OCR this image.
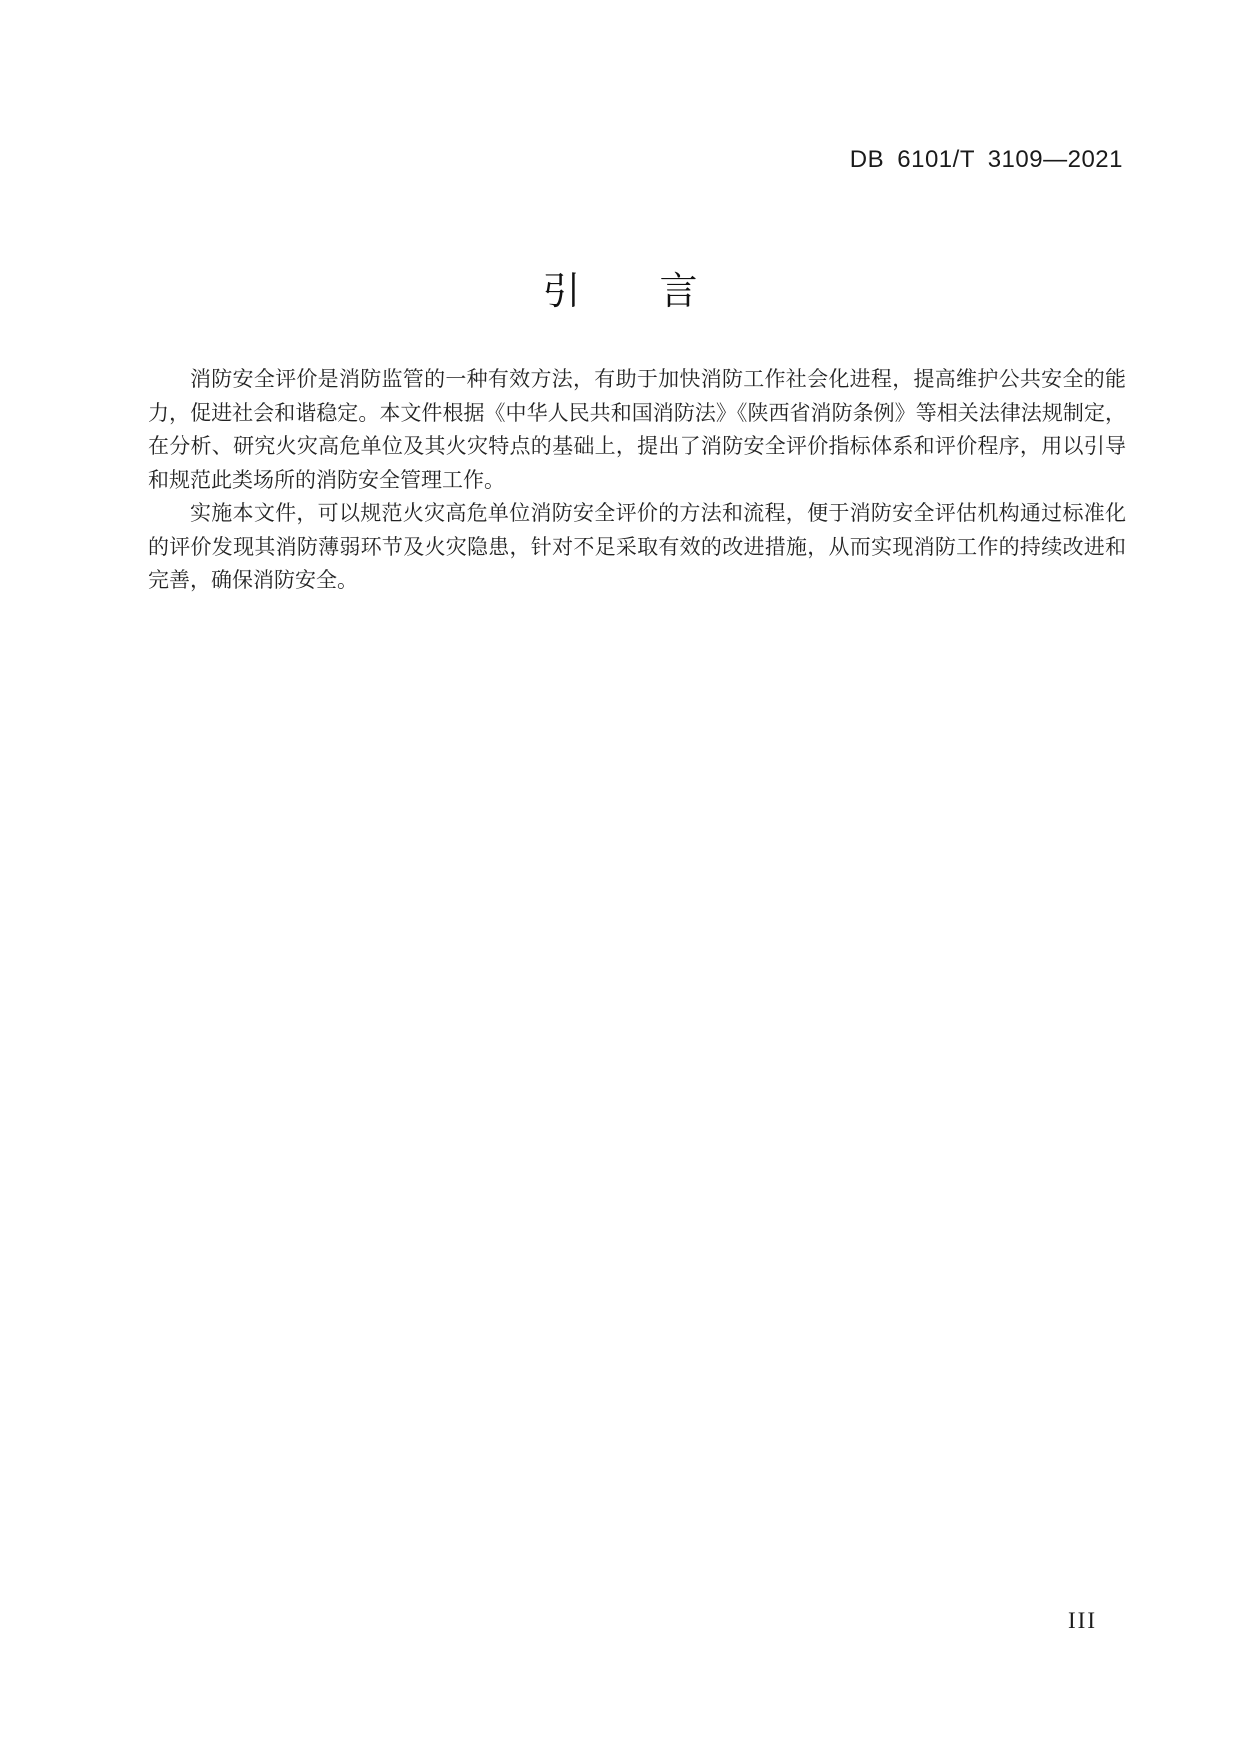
DB 6101/T 3109—2021
引　　言

消防安全评价是消防监管的一种有效方法，有助于加快消防工作社会化进程，提高维护公共安全的能力，促进社会和谐稳定。本文件根据《中华人民共和国消防法》《陕西省消防条例》等相关法律法规制定，在分析、研究火灾高危单位及其火灾特点的基础上，提出了消防安全评价指标体系和评价程序，用以引导和规范此类场所的消防安全管理工作。

实施本文件，可以规范火灾高危单位消防安全评价的方法和流程，便于消防安全评估机构通过标准化的评价发现其消防薄弱环节及火灾隐患，针对不足采取有效的改进措施，从而实现消防工作的持续改进和完善，确保消防安全。

III
